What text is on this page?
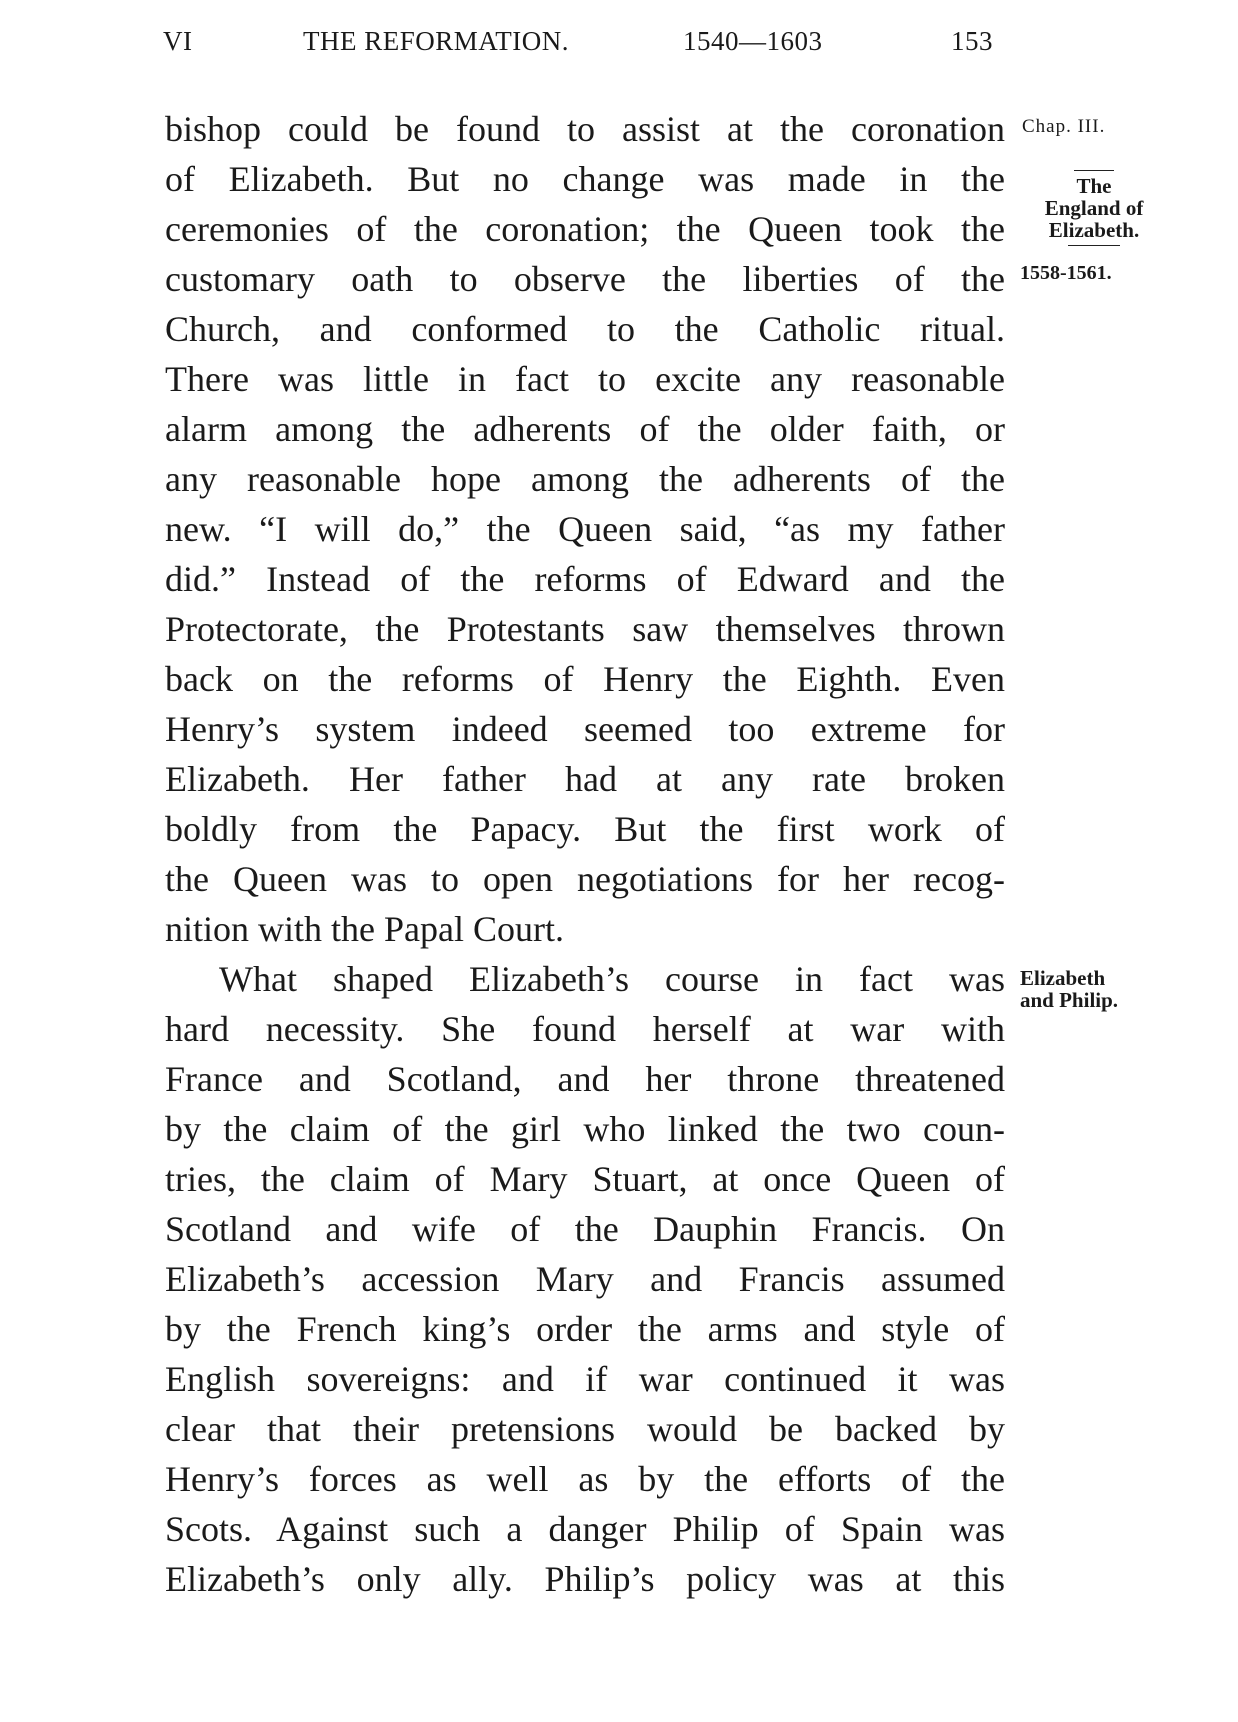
VI	THE REFORMATION.	1540—1603	153
bishop could be found to assist at the coronation
of Elizabeth. But no change was made in the
ceremonies of the coronation; the Queen took the
customary oath to observe the liberties of the
Church, and conformed to the Catholic ritual.
There was little in fact to excite any reasonable
alarm among the adherents of the older faith, or
any reasonable hope among the adherents of the
new. “I will do,” the Queen said, “as my father
did.” Instead of the reforms of Edward and the
Protectorate, the Protestants saw themselves thrown
back on the reforms of Henry the Eighth. Even
Henry’s system indeed seemed too extreme for
Elizabeth. Her father had at any rate broken
boldly from the Papacy. But the first work of
the Queen was to open negotiations for her recog-
nition with the Papal Court.
What shaped Elizabeth’s course in fact was
hard necessity. She found herself at war with
France and Scotland, and her throne threatened
by the claim of the girl who linked the two coun-
tries, the claim of Mary Stuart, at once Queen of
Scotland and wife of the Dauphin Francis. On
Elizabeth’s accession Mary and Francis assumed
by the French king’s order the arms and style of
English sovereigns: and if war continued it was
clear that their pretensions would be backed by
Henry’s forces as well as by the efforts of the
Scots. Against such a danger Philip of Spain was
Elizabeth’s only ally. Philip’s policy was at this
Chap. III.
The
England of
Elizabeth.
1558-1561.
Elizabeth
and Philip.
